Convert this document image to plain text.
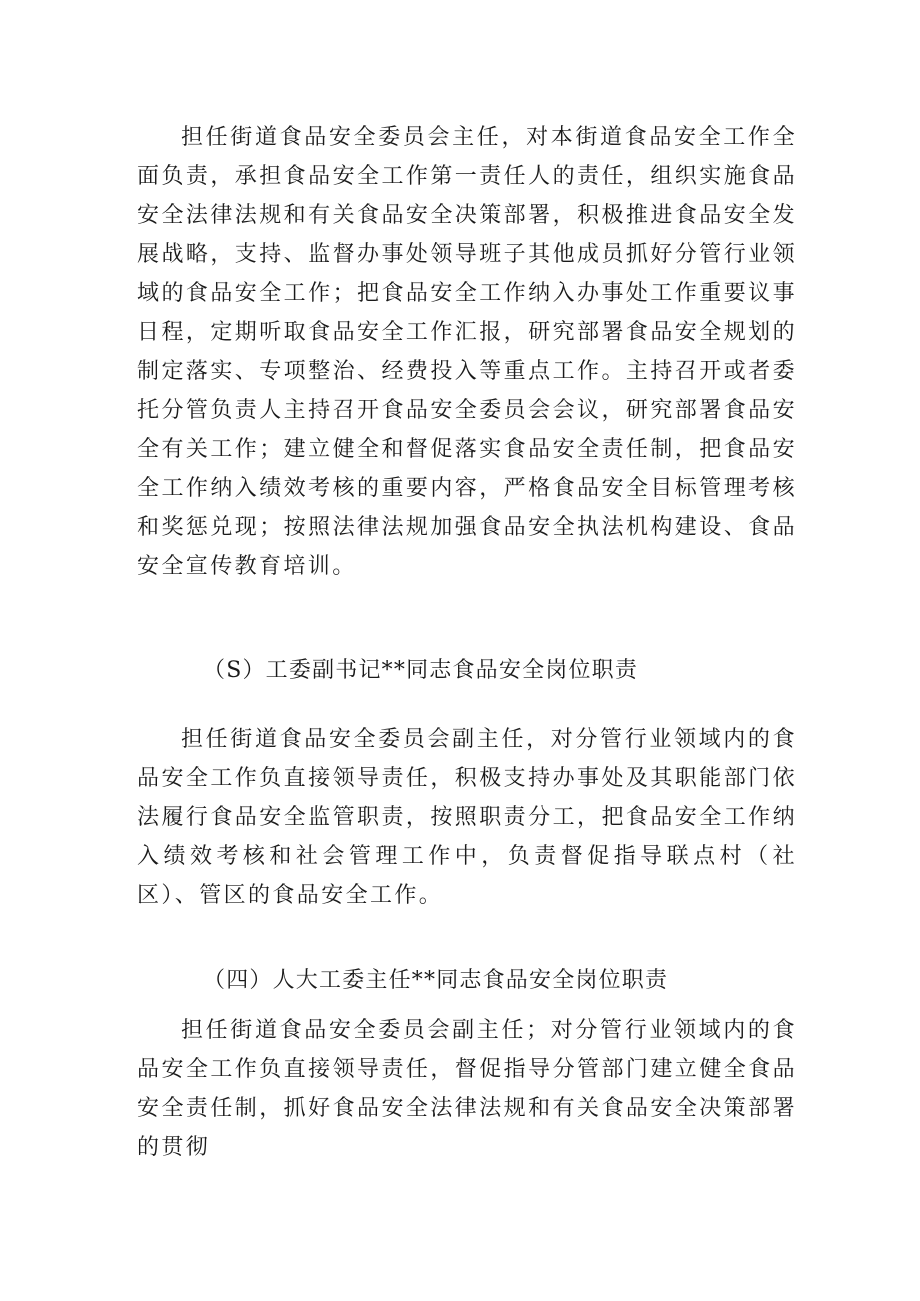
担任街道食品安全委员会主任，对本街道食品安全工作全面负责，承担食品安全工作第一责任人的责任，组织实施食品安全法律法规和有关食品安全决策部署，积极推进食品安全发展战略，支持、监督办事处领导班子其他成员抓好分管行业领域的食品安全工作；把食品安全工作纳入办事处工作重要议事日程，定期听取食品安全工作汇报，研究部署食品安全规划的制定落实、专项整治、经费投入等重点工作。主持召开或者委托分管负责人主持召开食品安全委员会会议，研究部署食品安全有关工作；建立健全和督促落实食品安全责任制，把食品安全工作纳入绩效考核的重要内容，严格食品安全目标管理考核和奖惩兑现；按照法律法规加强食品安全执法机构建设、食品安全宣传教育培训。

（S）工委副书记**同志食品安全岗位职责

担任街道食品安全委员会副主任，对分管行业领域内的食品安全工作负直接领导责任，积极支持办事处及其职能部门依法履行食品安全监管职责，按照职责分工，把食品安全工作纳入绩效考核和社会管理工作中，负责督促指导联点村（社区）、管区的食品安全工作。

（四）人大工委主任**同志食品安全岗位职责

担任街道食品安全委员会副主任；对分管行业领域内的食品安全工作负直接领导责任，督促指导分管部门建立健全食品安全责任制，抓好食品安全法律法规和有关食品安全决策部署的贯彻
